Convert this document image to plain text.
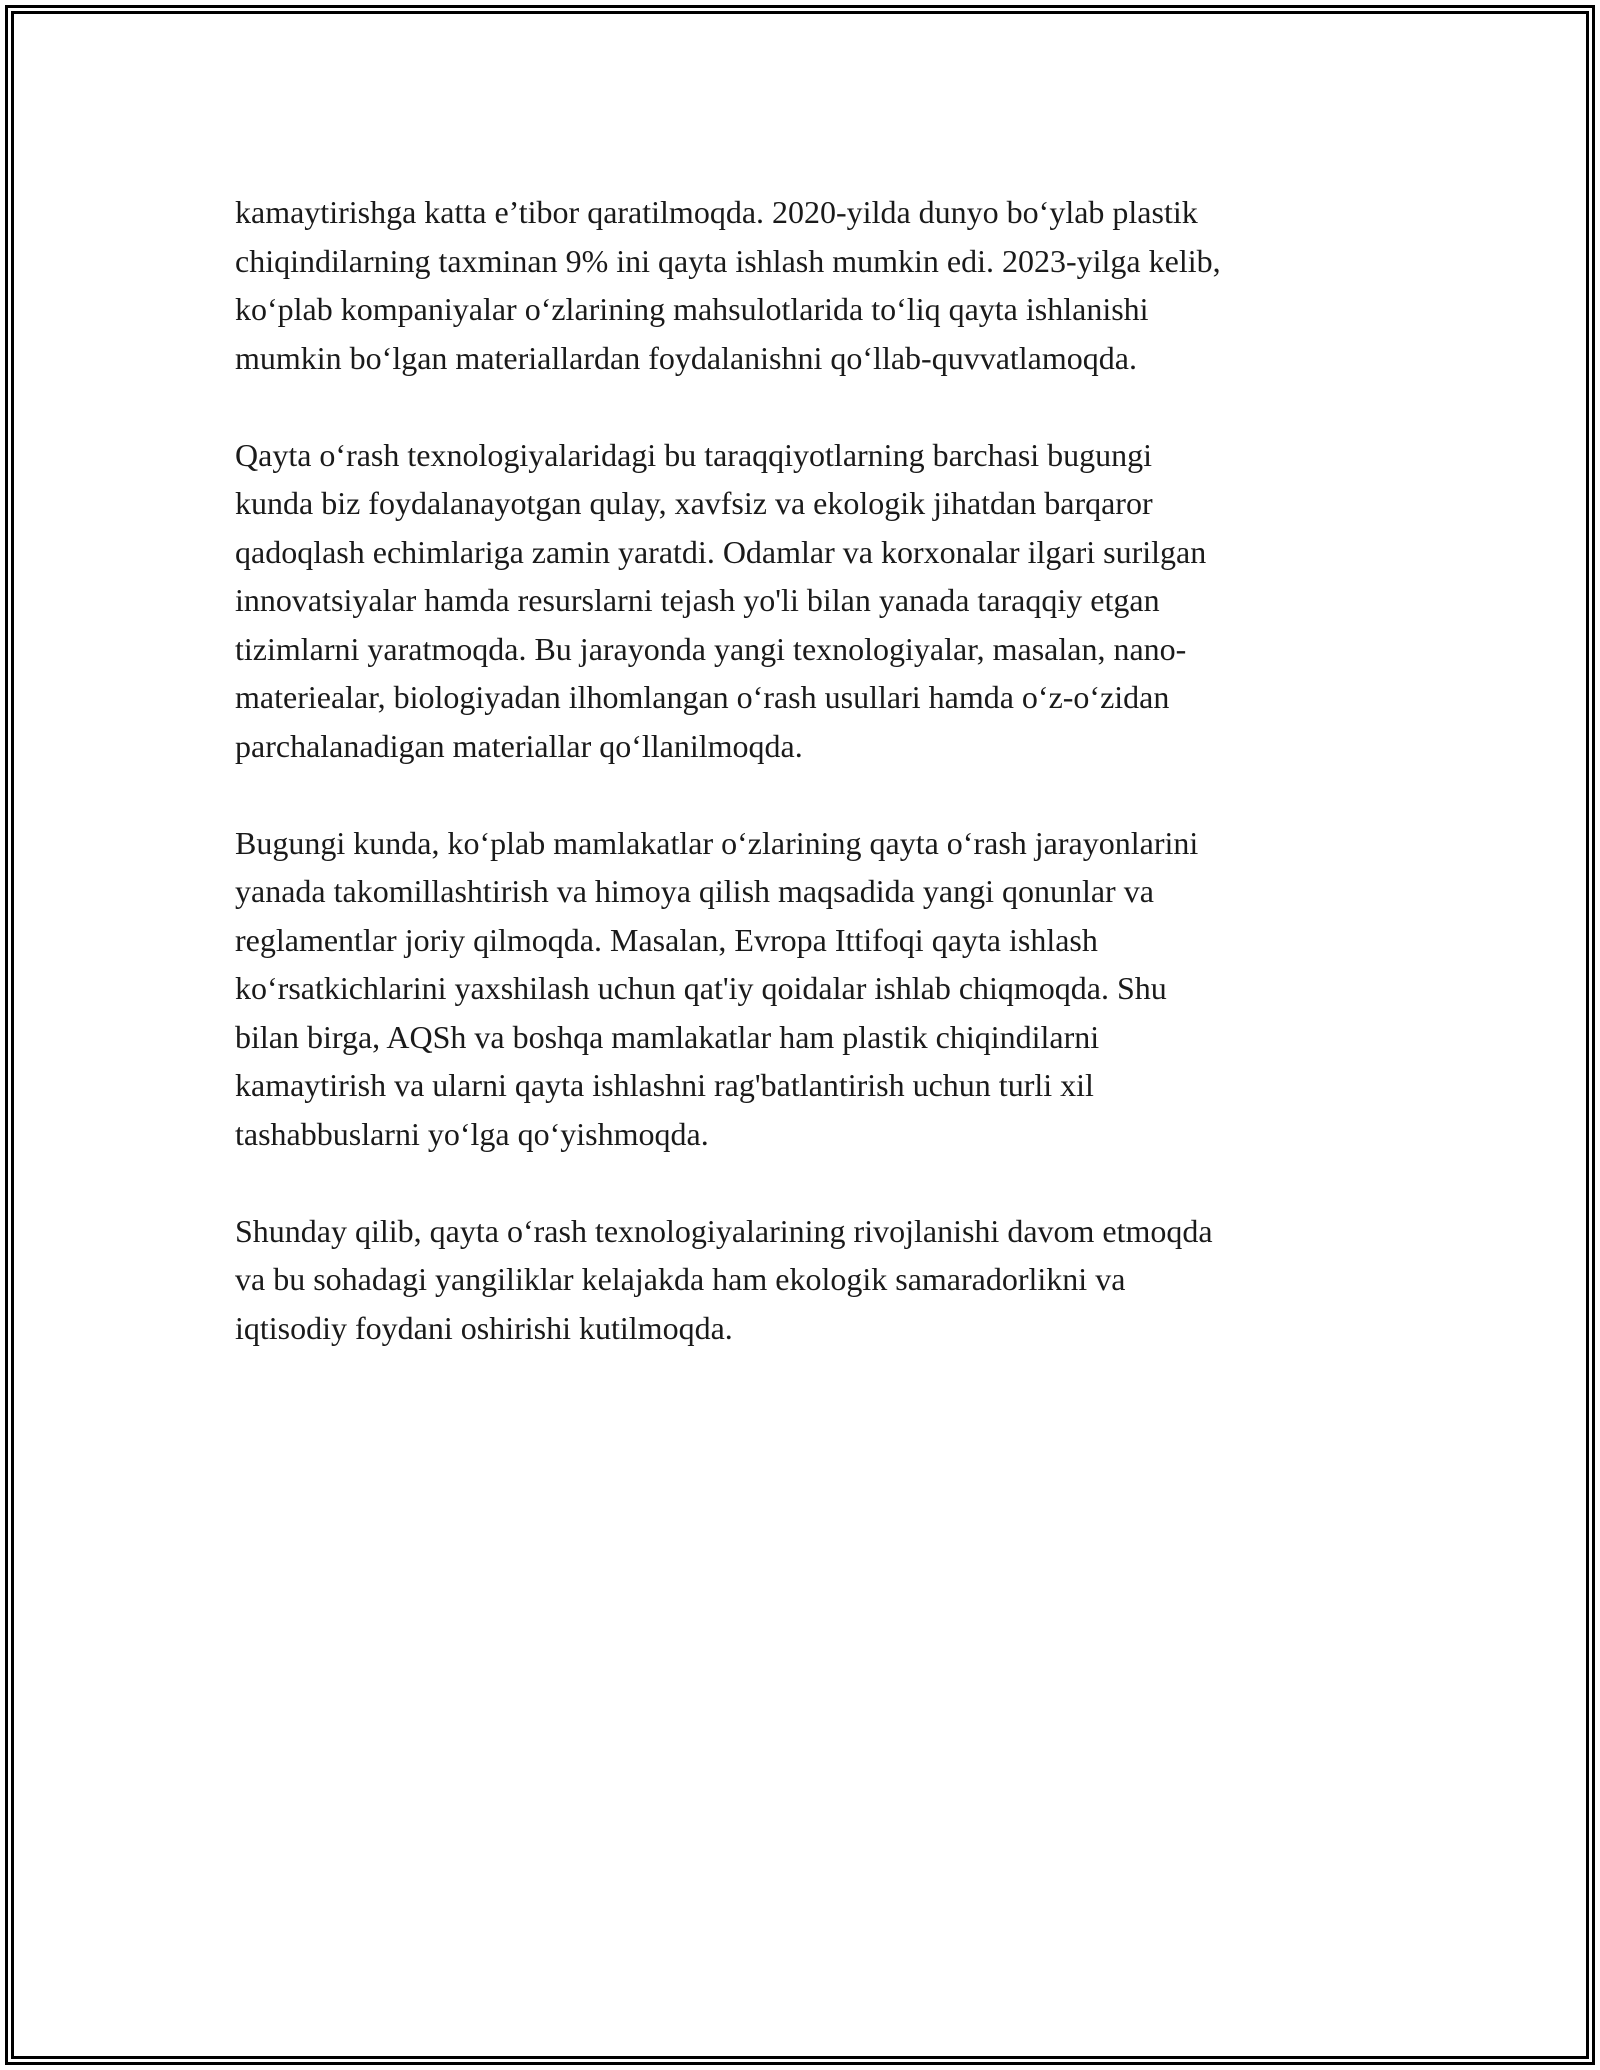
kamaytirishga katta e’tibor qaratilmoqda. 2020-yilda dunyo bo‘ylab plastik
chiqindilarning taxminan 9% ini qayta ishlash mumkin edi. 2023-yilga kelib,
ko‘plab kompaniyalar o‘zlarining mahsulotlarida to‘liq qayta ishlanishi
mumkin bo‘lgan materiallardan foydalanishni qo‘llab-quvvatlamoqda.

Qayta o‘rash texnologiyalaridagi bu taraqqiyotlarning barchasi bugungi
kunda biz foydalanayotgan qulay, xavfsiz va ekologik jihatdan barqaror
qadoqlash echimlariga zamin yaratdi. Odamlar va korxonalar ilgari surilgan
innovatsiyalar hamda resurslarni tejash yo'li bilan yanada taraqqiy etgan
tizimlarni yaratmoqda. Bu jarayonda yangi texnologiyalar, masalan, nano-
materiealar, biologiyadan ilhomlangan o‘rash usullari hamda o‘z-o‘zidan
parchalanadigan materiallar qo‘llanilmoqda.

Bugungi kunda, ko‘plab mamlakatlar o‘zlarining qayta o‘rash jarayonlarini
yanada takomillashtirish va himoya qilish maqsadida yangi qonunlar va
reglamentlar joriy qilmoqda. Masalan, Evropa Ittifoqi qayta ishlash
ko‘rsatkichlarini yaxshilash uchun qat'iy qoidalar ishlab chiqmoqda. Shu
bilan birga, AQSh va boshqa mamlakatlar ham plastik chiqindilarni
kamaytirish va ularni qayta ishlashni rag'batlantirish uchun turli xil
tashabbuslarni yo‘lga qo‘yishmoqda.

Shunday qilib, qayta o‘rash texnologiyalarining rivojlanishi davom etmoqda
va bu sohadagi yangiliklar kelajakda ham ekologik samaradorlikni va
iqtisodiy foydani oshirishi kutilmoqda.
